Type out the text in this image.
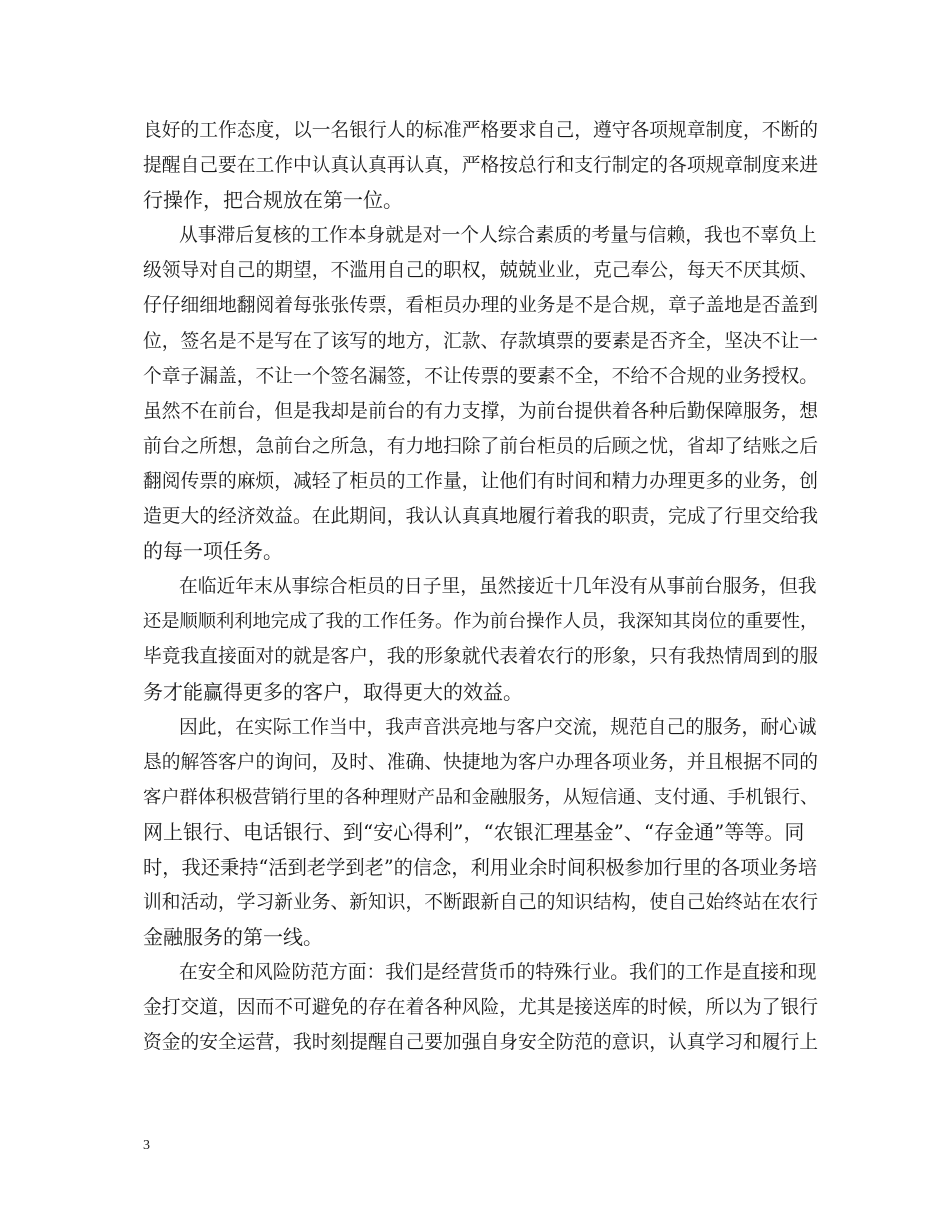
良好的工作态度，以一名银行人的标准严格要求自己，遵守各项规章制度，不断的
提醒自己要在工作中认真认真再认真，严格按总行和支行制定的各项规章制度来进
行操作，把合规放在第一位。
从事滞后复核的工作本身就是对一个人综合素质的考量与信赖，我也不辜负上
级领导对自己的期望，不滥用自己的职权，兢兢业业，克己奉公，每天不厌其烦、
仔仔细细地翻阅着每张张传票，看柜员办理的业务是不是合规，章子盖地是否盖到
位，签名是不是写在了该写的地方，汇款、存款填票的要素是否齐全，坚决不让一
个章子漏盖，不让一个签名漏签，不让传票的要素不全，不给不合规的业务授权。
虽然不在前台，但是我却是前台的有力支撑，为前台提供着各种后勤保障服务，想
前台之所想，急前台之所急，有力地扫除了前台柜员的后顾之忧，省却了结账之后
翻阅传票的麻烦，减轻了柜员的工作量，让他们有时间和精力办理更多的业务，创
造更大的经济效益。在此期间，我认认真真地履行着我的职责，完成了行里交给我
的每一项任务。
在临近年末从事综合柜员的日子里，虽然接近十几年没有从事前台服务，但我
还是顺顺利利地完成了我的工作任务。作为前台操作人员，我深知其岗位的重要性，
毕竟我直接面对的就是客户，我的形象就代表着农行的形象，只有我热情周到的服
务才能赢得更多的客户，取得更大的效益。
因此，在实际工作当中，我声音洪亮地与客户交流，规范自己的服务，耐心诚
恳的解答客户的询问，及时、准确、快捷地为客户办理各项业务，并且根据不同的
客户群体积极营销行里的各种理财产品和金融服务，从短信通、支付通、手机银行、
网上银行、电话银行、到“安心得利”，“农银汇理基金”、“存金通”等等。同
时，我还秉持“活到老学到老”的信念，利用业余时间积极参加行里的各项业务培
训和活动，学习新业务、新知识，不断跟新自己的知识结构，使自己始终站在农行
金融服务的第一线。
在安全和风险防范方面：我们是经营货币的特殊行业。我们的工作是直接和现
金打交道，因而不可避免的存在着各种风险，尤其是接送库的时候，所以为了银行
资金的安全运营，我时刻提醒自己要加强自身安全防范的意识，认真学习和履行上
3
